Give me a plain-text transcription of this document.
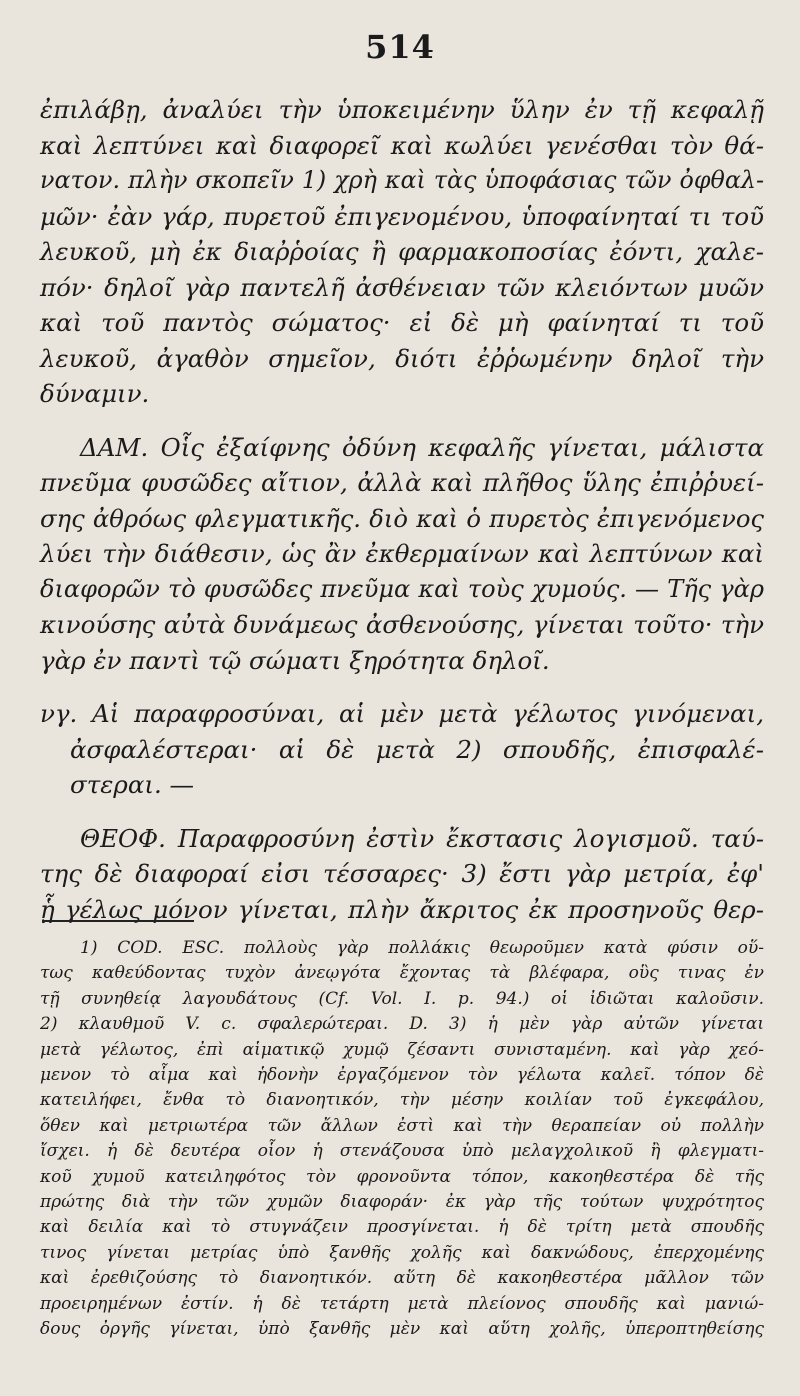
514
ἐπιλάβῃ, ἀναλύει τὴν ὑποκειμένην ὕλην ἐν τῇ κεφαλῇ
καὶ λεπτύνει καὶ διαφορεῖ καὶ κωλύει γενέσθαι τὸν θά-
νατον. πλὴν σκοπεῖν 1) χρὴ καὶ τὰς ὑποφάσιας τῶν ὀφθαλ-
μῶν· ἐὰν γάρ, πυρετοῦ ἐπιγενομένου, ὑποφαίνηταί τι τοῦ
λευκοῦ, μὴ ἐκ διαῤῥοίας ἢ φαρμακοποσίας ἐόντι, χαλε-
πόν· δηλοῖ γὰρ παντελῆ ἀσθένειαν τῶν κλειόντων μυῶν
καὶ τοῦ παντὸς σώματος· εἰ δὲ μὴ φαίνηταί τι τοῦ
λευκοῦ, ἀγαθὸν σημεῖον, διότι ἐῤῥωμένην δηλοῖ τὴν
δύναμιν.
ΔΑΜ. Οἷς ἐξαίφνης ὀδύνη κεφαλῆς γίνεται, μάλιστα
πνεῦμα φυσῶδες αἴτιον, ἀλλὰ καὶ πλῆθος ὕλης ἐπιῤῥυεί-
σης ἀθρόως φλεγματικῆς. διὸ καὶ ὁ πυρετὸς ἐπιγενόμενος
λύει τὴν διάθεσιν, ὡς ἂν ἐκθερμαίνων καὶ λεπτύνων καὶ
διαφορῶν τὸ φυσῶδες πνεῦμα καὶ τοὺς χυμούς. — Τῆς γὰρ
κινούσης αὐτὰ δυνάμεως ἀσθενούσης, γίνεται τοῦτο· τὴν
γὰρ ἐν παντὶ τῷ σώματι ξηρότητα δηλοῖ.
νγ. Αἱ παραφροσύναι, αἱ μὲν μετὰ γέλωτος γινόμεναι,
ἀσφαλέστεραι· αἱ δὲ μετὰ 2) σπουδῆς, ἐπισφαλέ-
στεραι. —
ΘΕΟΦ. Παραφροσύνη ἐστὶν ἔκστασις λογισμοῦ. ταύ-
της δὲ διαφοραί εἰσι τέσσαρες· 3) ἔστι γὰρ μετρία, ἐφ'
ᾗ γέλως μόνον γίνεται, πλὴν ἄκριτος ἐκ προσηνοῦς θερ-
1) COD. ESC. πολλοὺς γὰρ πολλάκις θεωροῦμεν κατὰ φύσιν οὕ-
τως καθεύδοντας τυχὸν ἀνεῳγότα ἔχοντας τὰ βλέφαρα, οὓς τινας ἐν
τῇ συνηθείᾳ λαγουδάτους (Cf. Vol. I. p. 94.) οἱ ἰδιῶται καλοῦσιν.
2) κλαυθμοῦ V. c. σφαλερώτεραι. D. 3) ἡ μὲν γὰρ αὐτῶν γίνεται
μετὰ γέλωτος, ἐπὶ αἱματικῷ χυμῷ ζέσαντι συνισταμένη. καὶ γὰρ χεό-
μενον τὸ αἷμα καὶ ἡδονὴν ἐργαζόμενον τὸν γέλωτα καλεῖ. τόπον δὲ
κατειλήφει, ἔνθα τὸ διανοητικόν, τὴν μέσην κοιλίαν τοῦ ἐγκεφάλου,
ὅθεν καὶ μετριωτέρα τῶν ἄλλων ἐστὶ καὶ τὴν θεραπείαν οὐ πολλὴν
ἴσχει. ἡ δὲ δευτέρα οἷον ἡ στενάζουσα ὑπὸ μελαγχολικοῦ ἢ φλεγματι-
κοῦ χυμοῦ κατειληφότος τὸν φρονοῦντα τόπον, κακοηθεστέρα δὲ τῆς
πρώτης διὰ τὴν τῶν χυμῶν διαφοράν· ἐκ γὰρ τῆς τούτων ψυχρότητος
καὶ δειλία καὶ τὸ στυγνάζειν προσγίνεται. ἡ δὲ τρίτη μετὰ σπουδῆς
τινος γίνεται μετρίας ὑπὸ ξανθῆς χολῆς καὶ δακνώδους, ἐπερχομένης
καὶ ἐρεθιζούσης τὸ διανοητικόν. αὕτη δὲ κακοηθεστέρα μᾶλλον τῶν
προειρημένων ἐστίν. ἡ δὲ τετάρτη μετὰ πλείονος σπουδῆς καὶ μανιώ-
δους ὀργῆς γίνεται, ὑπὸ ξανθῆς μὲν καὶ αὕτη χολῆς, ὑπεροπτηθείσης
